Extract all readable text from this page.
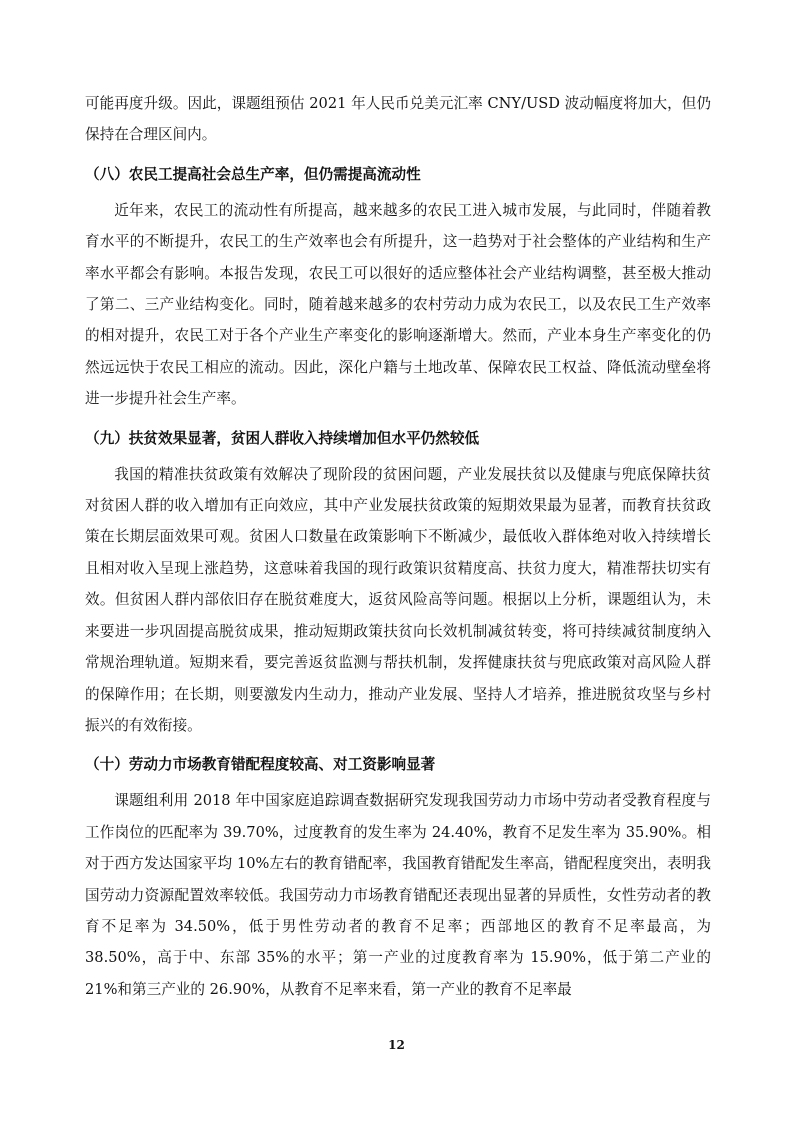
可能再度升级。因此，课题组预估 2021 年人民币兑美元汇率 CNY/USD 波动幅度将加大，但仍保持在合理区间内。

（八）农民工提高社会总生产率，但仍需提高流动性

近年来，农民工的流动性有所提高，越来越多的农民工进入城市发展，与此同时，伴随着教育水平的不断提升，农民工的生产效率也会有所提升，这一趋势对于社会整体的产业结构和生产率水平都会有影响。本报告发现，农民工可以很好的适应整体社会产业结构调整，甚至极大推动了第二、三产业结构变化。同时，随着越来越多的农村劳动力成为农民工，以及农民工生产效率的相对提升，农民工对于各个产业生产率变化的影响逐渐增大。然而，产业本身生产率变化的仍然远远快于农民工相应的流动。因此，深化户籍与土地改革、保障农民工权益、降低流动壁垒将进一步提升社会生产率。

（九）扶贫效果显著，贫困人群收入持续增加但水平仍然较低

我国的精准扶贫政策有效解决了现阶段的贫困问题，产业发展扶贫以及健康与兜底保障扶贫对贫困人群的收入增加有正向效应，其中产业发展扶贫政策的短期效果最为显著，而教育扶贫政策在长期层面效果可观。贫困人口数量在政策影响下不断减少，最低收入群体绝对收入持续增长且相对收入呈现上涨趋势，这意味着我国的现行政策识贫精度高、扶贫力度大，精准帮扶切实有效。但贫困人群内部依旧存在脱贫难度大，返贫风险高等问题。根据以上分析，课题组认为，未来要进一步巩固提高脱贫成果，推动短期政策扶贫向长效机制减贫转变，将可持续减贫制度纳入常规治理轨道。短期来看，要完善返贫监测与帮扶机制，发挥健康扶贫与兜底政策对高风险人群的保障作用；在长期，则要激发内生动力，推动产业发展、坚持人才培养，推进脱贫攻坚与乡村振兴的有效衔接。

（十）劳动力市场教育错配程度较高、对工资影响显著

课题组利用 2018 年中国家庭追踪调查数据研究发现我国劳动力市场中劳动者受教育程度与工作岗位的匹配率为 39.70%，过度教育的发生率为 24.40%，教育不足发生率为 35.90%。相对于西方发达国家平均 10%左右的教育错配率，我国教育错配发生率高，错配程度突出，表明我国劳动力资源配置效率较低。我国劳动力市场教育错配还表现出显著的异质性，女性劳动者的教育不足率为 34.50%，低于男性劳动者的教育不足率；西部地区的教育不足率最高，为 38.50%，高于中、东部 35%的水平；第一产业的过度教育率为 15.90%，低于第二产业的 21%和第三产业的 26.90%，从教育不足率来看，第一产业的教育不足率最

12
